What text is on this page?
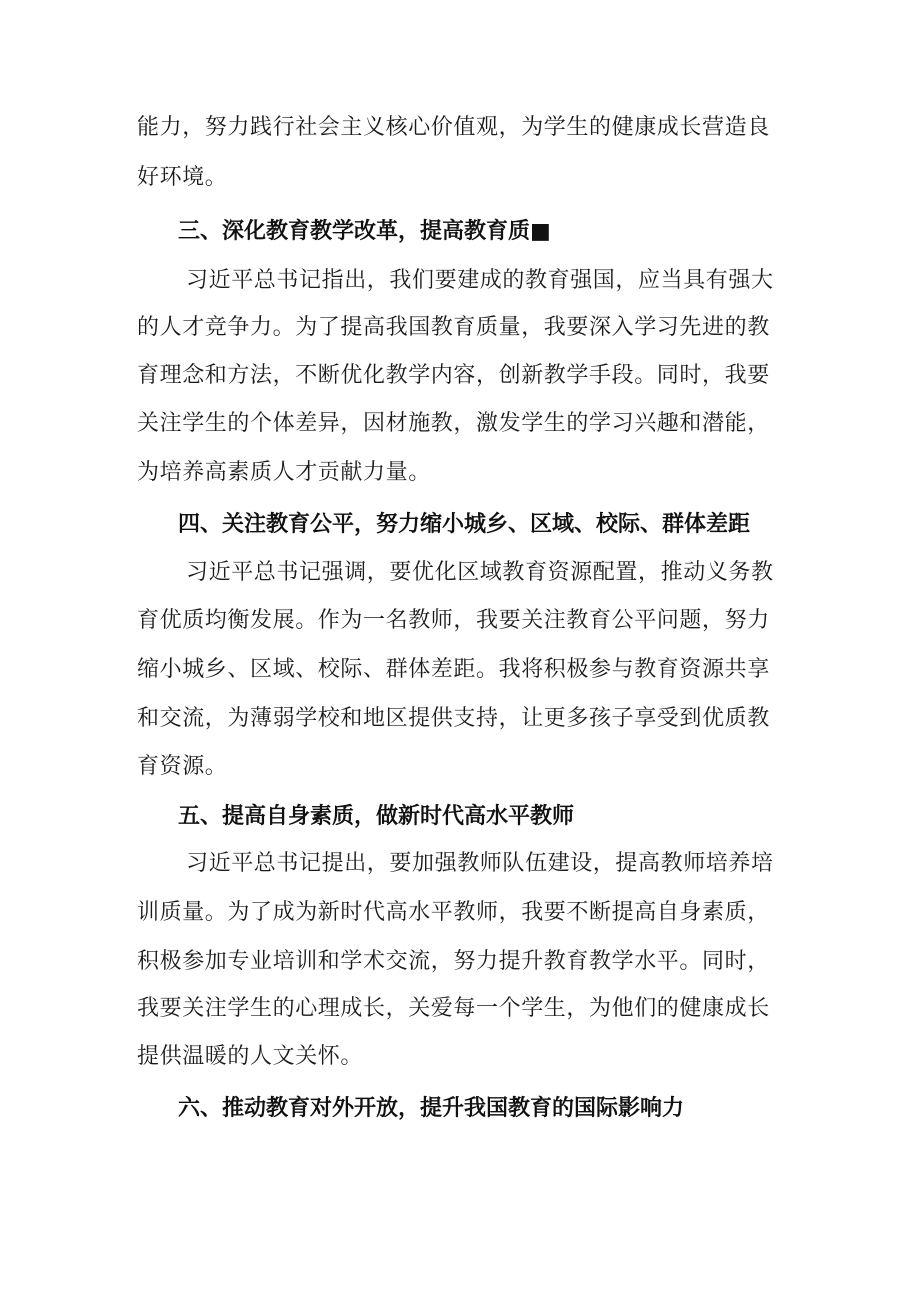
能力，努力践行社会主义核心价值观，为学生的健康成长营造良

好环境。

三、深化教育教学改革，提高教育质■

习近平总书记指出，我们要建成的教育强国，应当具有强大

的人才竞争力。为了提高我国教育质量，我要深入学习先进的教

育理念和方法，不断优化教学内容，创新教学手段。同时，我要

关注学生的个体差异，因材施教，激发学生的学习兴趣和潜能，

为培养高素质人才贡献力量。

四、关注教育公平，努力缩小城乡、区域、校际、群体差距

习近平总书记强调，要优化区域教育资源配置，推动义务教

育优质均衡发展。作为一名教师，我要关注教育公平问题，努力

缩小城乡、区域、校际、群体差距。我将积极参与教育资源共享

和交流，为薄弱学校和地区提供支持，让更多孩子享受到优质教

育资源。

五、提高自身素质，做新时代高水平教师

习近平总书记提出，要加强教师队伍建设，提高教师培养培

训质量。为了成为新时代高水平教师，我要不断提高自身素质，

积极参加专业培训和学术交流，努力提升教育教学水平。同时，

我要关注学生的心理成长，关爱每一个学生，为他们的健康成长

提供温暖的人文关怀。

六、推动教育对外开放，提升我国教育的国际影响力
